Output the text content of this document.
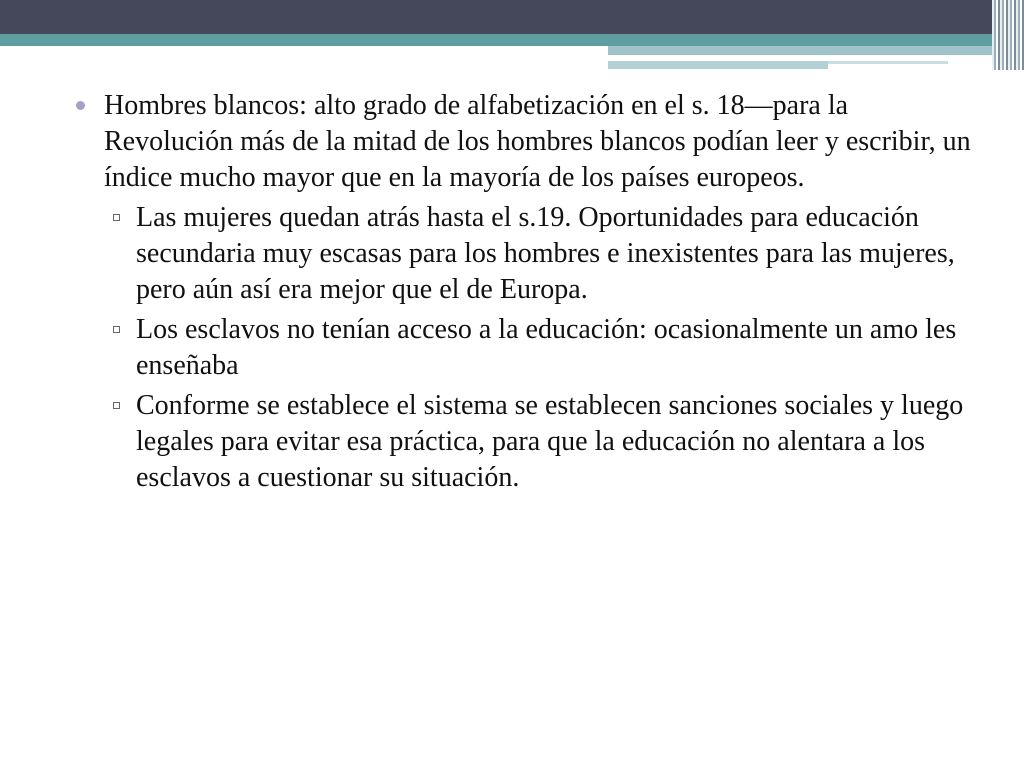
Hombres blancos: alto grado de alfabetización en el s. 18—para la Revolución más de la mitad de los hombres blancos podían leer y escribir, un índice mucho mayor que en la mayoría de los países europeos.
Las mujeres quedan atrás hasta el s.19. Oportunidades para educación secundaria muy escasas para los hombres e inexistentes para las mujeres, pero aún así era mejor que el de Europa.
Los esclavos no tenían acceso a la educación: ocasionalmente un amo les enseñaba
Conforme se establece el sistema se establecen sanciones sociales y luego legales para evitar esa práctica, para que la educación no alentara a los esclavos a cuestionar su situación.
